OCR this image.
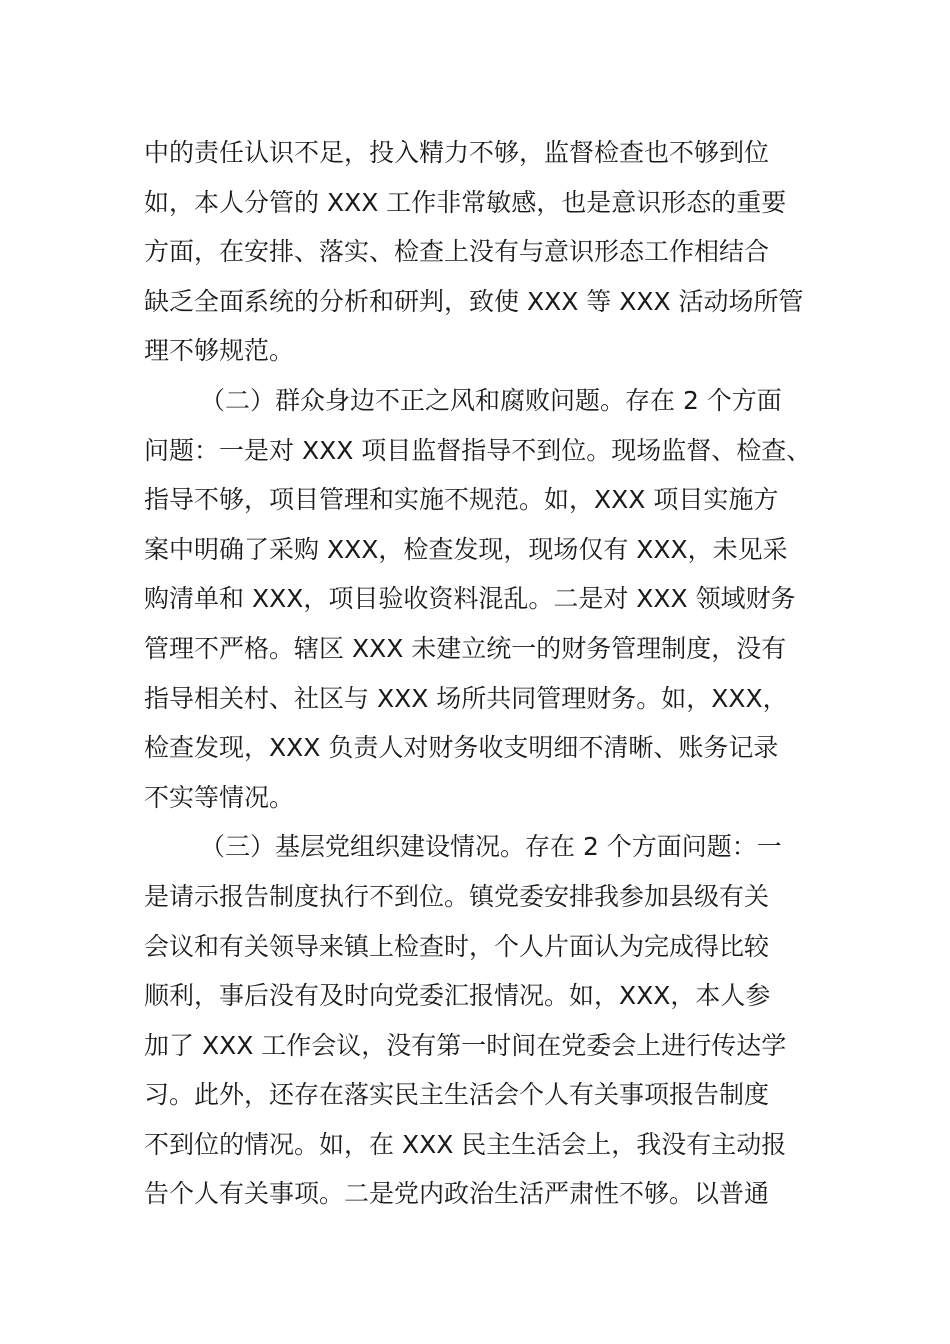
中的责任认识不足，投入精力不够，监督检查也不够到位
如，本人分管的 XXX 工作非常敏感，也是意识形态的重要
方面，在安排、落实、检查上没有与意识形态工作相结合
缺乏全面系统的分析和研判，致使 XXX 等 XXX 活动场所管
理不够规范。
（二）群众身边不正之风和腐败问题。存在 2 个方面
问题：一是对 XXX 项目监督指导不到位。现场监督、检查、
指导不够，项目管理和实施不规范。如，XXX 项目实施方
案中明确了采购 XXX，检查发现，现场仅有 XXX，未见采
购清单和 XXX，项目验收资料混乱。二是对 XXX 领域财务
管理不严格。辖区 XXX 未建立统一的财务管理制度，没有
指导相关村、社区与 XXX 场所共同管理财务。如，XXX，
检查发现，XXX 负责人对财务收支明细不清晰、账务记录
不实等情况。
（三）基层党组织建设情况。存在 2 个方面问题：一
是请示报告制度执行不到位。镇党委安排我参加县级有关
会议和有关领导来镇上检查时，个人片面认为完成得比较
顺利，事后没有及时向党委汇报情况。如，XXX，本人参
加了 XXX 工作会议，没有第一时间在党委会上进行传达学
习。此外，还存在落实民主生活会个人有关事项报告制度
不到位的情况。如，在 XXX 民主生活会上，我没有主动报
告个人有关事项。二是党内政治生活严肃性不够。以普通
